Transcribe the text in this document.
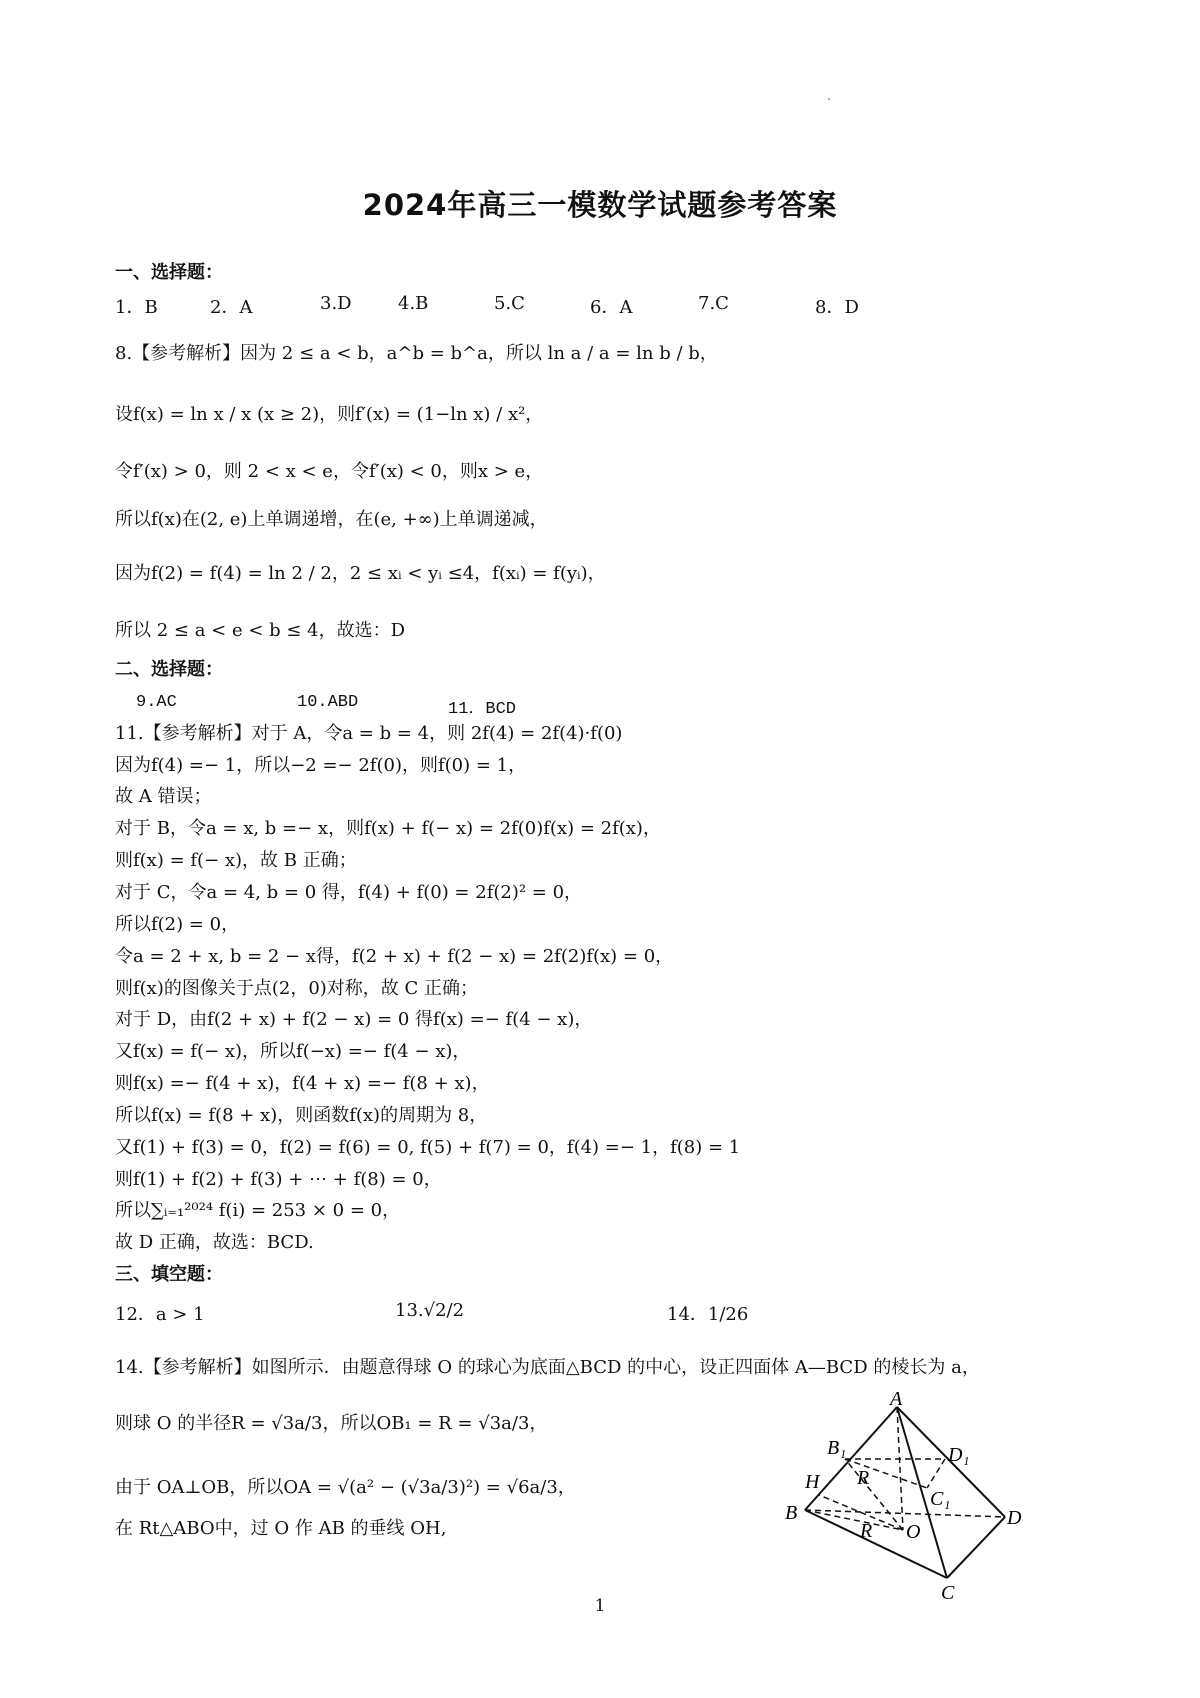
2024年高三一模数学试题参考答案
一、选择题：
1．B	2．A	3.D	4.B	5.C	6．A	7.C	8．D
8.【参考解析】因为 2 ≤ a < b，a^b = b^a，所以 ln a / a = ln b / b，
设f(x) = ln x / x (x ≥ 2)，则f′(x) = (1−ln x) / x²，
令f′(x) > 0，则 2 < x < e，令f′(x) < 0，则x > e，
所以f(x)在(2, e)上单调递增，在(e, +∞)上单调递减，
因为f(2) = f(4) = ln 2 / 2，2 ≤ xᵢ < yᵢ ≤4，f(xᵢ) = f(yᵢ)，
所以 2 ≤ a < e < b ≤ 4，故选：D
二、选择题：
9.AC	10.ABD	11．BCD
11.【参考解析】对于 A，令a = b = 4，则 2f(4) = 2f(4)·f(0)
因为f(4) =− 1，所以−2 =− 2f(0)，则f(0) = 1，
故 A 错误；
对于 B，令a = x, b =− x，则f(x) + f(− x) = 2f(0)f(x) = 2f(x)，
则f(x) = f(− x)，故 B 正确；
对于 C，令a = 4, b = 0 得，f(4) + f(0) = 2f(2)² = 0，
所以f(2) = 0，
令a = 2 + x, b = 2 − x得，f(2 + x) + f(2 − x) = 2f(2)f(x) = 0，
则f(x)的图像关于点(2，0)对称，故 C 正确；
对于 D，由f(2 + x) + f(2 − x) = 0 得f(x) =− f(4 − x)，
又f(x) = f(− x)，所以f(−x) =− f(4 − x)，
则f(x) =− f(4 + x)，f(4 + x) =− f(8 + x)，
所以f(x) = f(8 + x)，则函数f(x)的周期为 8，
又f(1) + f(3) = 0，f(2) = f(6) = 0, f(5) + f(7) = 0，f(4) =− 1，f(8) = 1
则f(1) + f(2) + f(3) + ⋯ + f(8) = 0，
所以∑ᵢ₌₁²⁰²⁴ f(i) = 253 × 0 = 0，
故 D 正确，故选：BCD.
三、填空题：
12．a > 1	13.√2/2	14．1/26
14.【参考解析】如图所示．由题意得球 O 的球心为底面△BCD 的中心，设正四面体 A—BCD 的棱长为 a，
则球 O 的半径R = √3a/3，所以OB₁ = R = √3a/3，
由于 OA⊥OB，所以OA = √(a² − (√3a/3)²) = √6a/3，
在 Rt△ABO中，过 O 作 AB 的垂线 OH,
A
B₁	D₁
H R
C₁
B	D
R O
C
1
